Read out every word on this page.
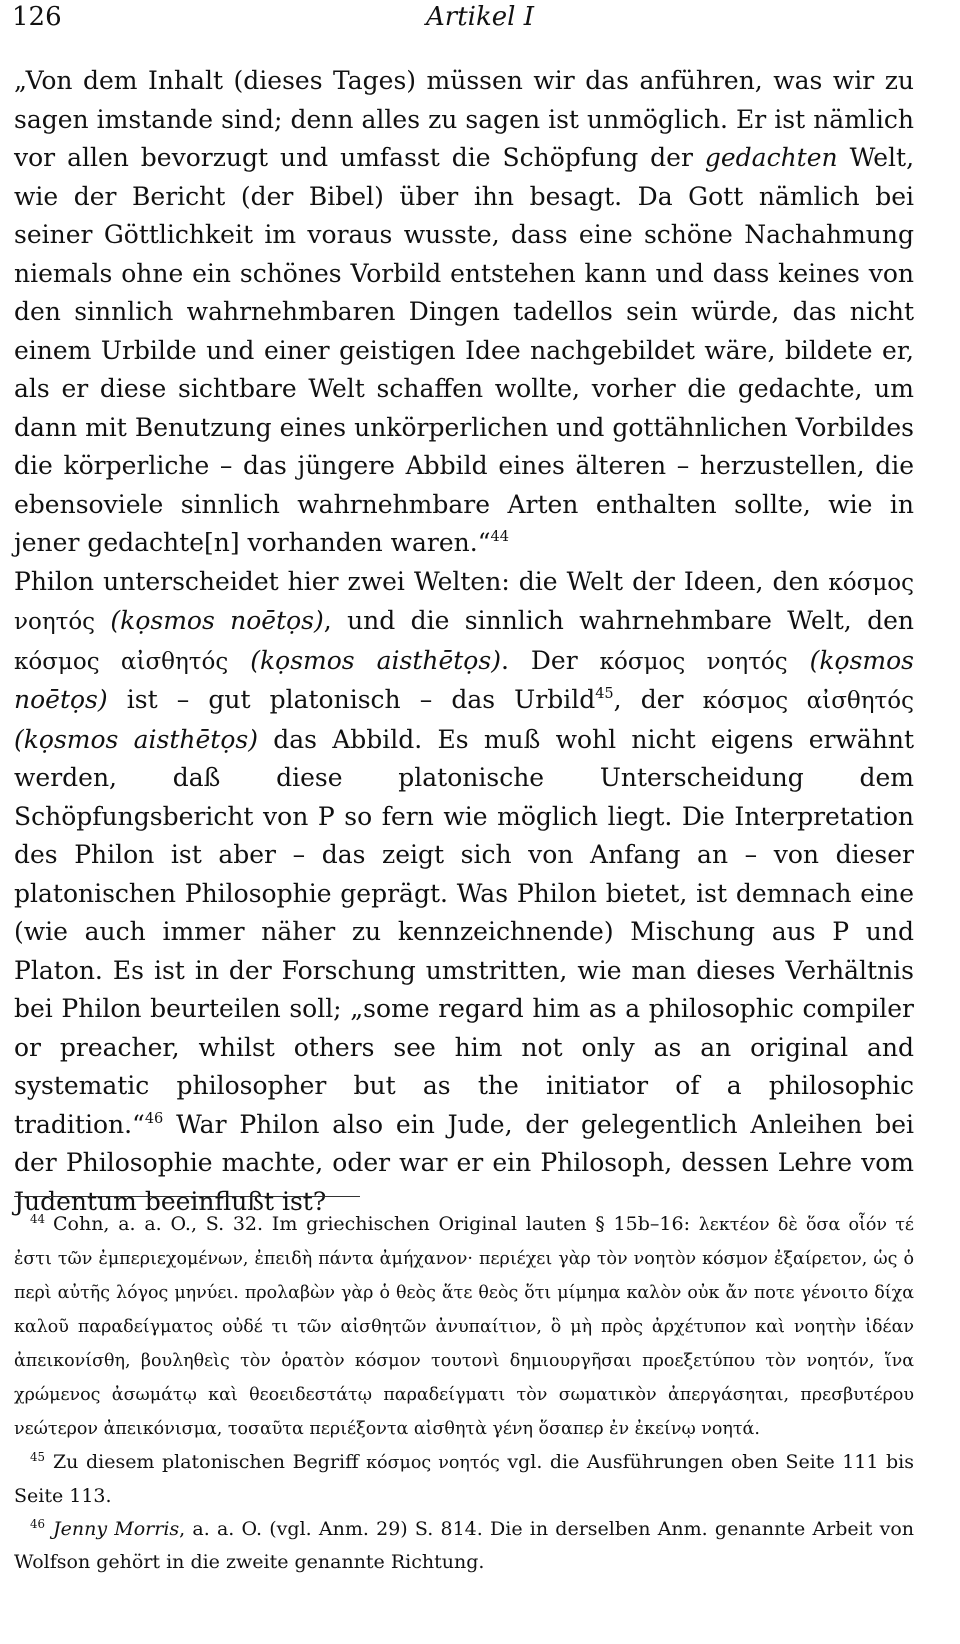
126	Artikel I

„Von dem Inhalt (dieses Tages) müssen wir das anführen, was wir zu sagen imstande sind; denn alles zu sagen ist unmöglich. Er ist nämlich vor allen bevorzugt und umfasst die Schöpfung der gedachten Welt, wie der Bericht (der Bibel) über ihn besagt. Da Gott nämlich bei seiner Göttlichkeit im voraus wusste, dass eine schöne Nachahmung niemals ohne ein schönes Vorbild entstehen kann und dass keines von den sinnlich wahrnehmbaren Dingen tadellos sein würde, das nicht einem Urbilde und einer geistigen Idee nachgebildet wäre, bildete er, als er diese sichtbare Welt schaffen wollte, vorher die gedachte, um dann mit Benutzung eines unkörperlichen und gottähnlichen Vorbildes die körperliche – das jüngere Abbild eines älteren – herzustellen, die ebensoviele sinnlich wahrnehmbare Arten enthalten sollte, wie in jener gedachte[n] vorhanden waren.“$^{44}$

Philon unterscheidet hier zwei Welten: die Welt der Ideen, den κόσμος νοητός (kọsmos noētọs), und die sinnlich wahrnehmbare Welt, den κόσμος αἰσθητός (kọsmos aisthētọs). Der κόσμος νοητός (kọsmos noētọs) ist – gut platonisch – das Urbild$^{45}$, der κόσμος αἰσθητός (kọsmos aisthētọs) das Abbild. Es muß wohl nicht eigens erwähnt werden, daß diese platonische Unterscheidung dem Schöpfungsbericht von P so fern wie möglich liegt. Die Interpretation des Philon ist aber – das zeigt sich von Anfang an – von dieser platonischen Philosophie geprägt. Was Philon bietet, ist demnach eine (wie auch immer näher zu kennzeichnende) Mischung aus P und Platon. Es ist in der Forschung umstritten, wie man dieses Verhältnis bei Philon beurteilen soll; „some regard him as a philosophic compiler or preacher, whilst others see him not only as an original and systematic philosopher but as the initiator of a philosophic tradition.“$^{46}$ War Philon also ein Jude, der gelegentlich Anleihen bei der Philosophie machte, oder war er ein Philosoph, dessen Lehre vom Judentum beeinflußt ist?

$^{44}$ Cohn, a. a. O., S. 32. Im griechischen Original lauten § 15b–16: λεκτέον δὲ ὅσα οἷόν τέ ἐστι τῶν ἐμπεριεχομένων, ἐπειδὴ πάντα ἀμήχανον· περιέχει γὰρ τὸν νοητὸν κόσμον ἐξαίρετον, ὡς ὁ περὶ αὐτῆς λόγος μηνύει. προλαβὼν γὰρ ὁ θεὸς ἅτε θεὸς ὅτι μίμημα καλὸν οὐκ ἄν ποτε γένοιτο δίχα καλοῦ παραδείγματος οὐδέ τι τῶν αἰσθητῶν ἀνυπαίτιον, ὃ μὴ πρὸς ἀρχέτυπον καὶ νοητὴν ἰδέαν ἀπεικονίσθη, βουληθεὶς τὸν ὁρατὸν κόσμον τουτονὶ δημιουργῆσαι προεξετύπου τὸν νοητόν, ἵνα χρώμενος ἀσωμάτῳ καὶ θεοειδεστάτῳ παραδείγματι τὸν σωματικὸν ἀπεργάσηται, πρεσβυτέρου νεώτερον ἀπεικόνισμα, τοσαῦτα περιέξοντα αἰσθητὰ γένη ὅσαπερ ἐν ἐκείνῳ νοητά.

$^{45}$ Zu diesem platonischen Begriff κόσμος νοητός vgl. die Ausführungen oben Seite 111 bis Seite 113.

$^{46}$ Jenny Morris, a. a. O. (vgl. Anm. 29) S. 814. Die in derselben Anm. genannte Arbeit von Wolfson gehört in die zweite genannte Richtung.
